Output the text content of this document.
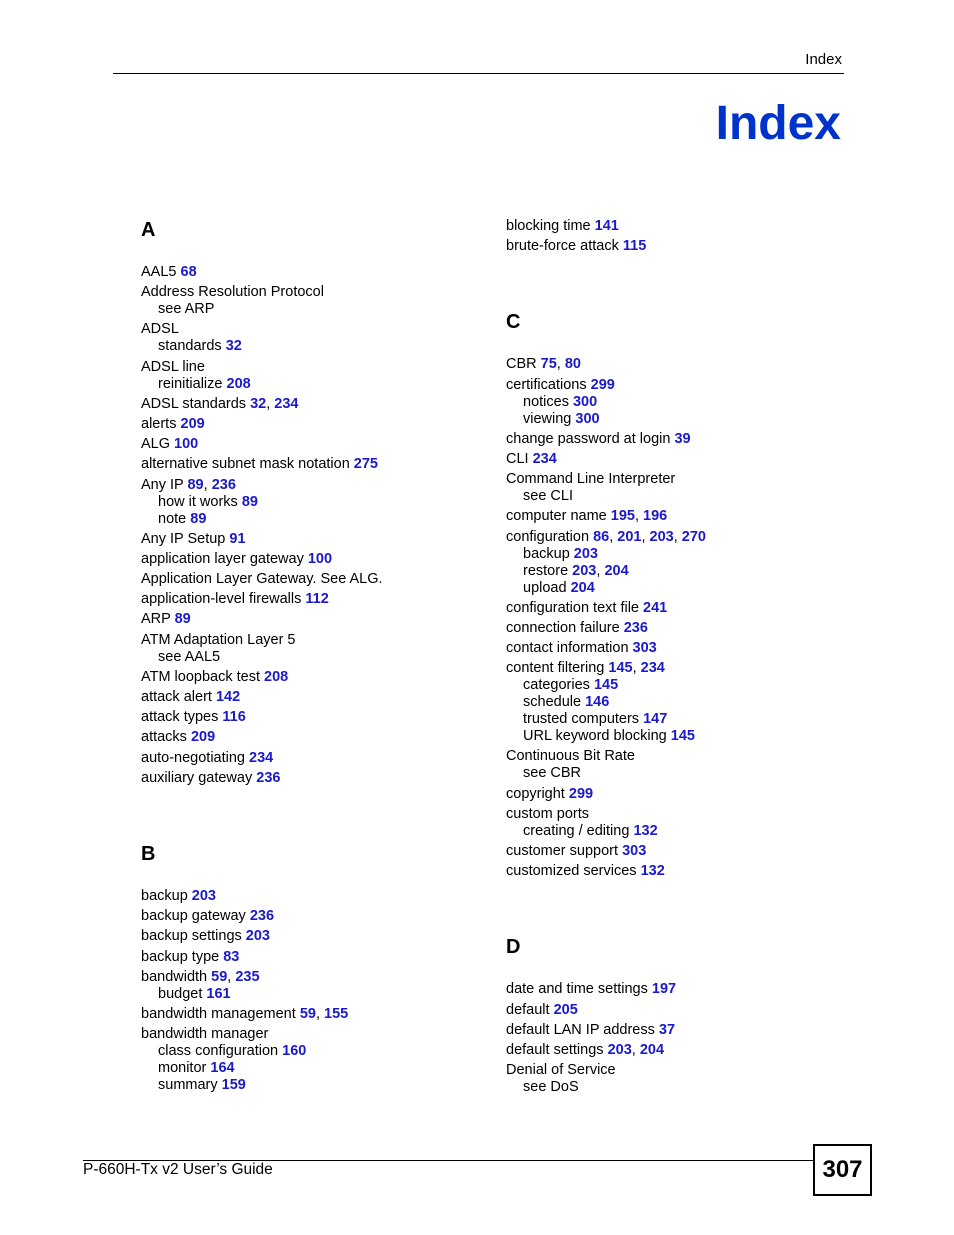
Index
Index
A
AAL5 68
Address Resolution Protocol
see ARP
ADSL
standards 32
ADSL line
reinitialize 208
ADSL standards 32, 234
alerts 209
ALG 100
alternative subnet mask notation 275
Any IP 89, 236
how it works 89
note 89
Any IP Setup 91
application layer gateway 100
Application Layer Gateway. See ALG.
application-level firewalls 112
ARP 89
ATM Adaptation Layer 5
see AAL5
ATM loopback test 208
attack alert 142
attack types 116
attacks 209
auto-negotiating 234
auxiliary gateway 236
B
backup 203
backup gateway 236
backup settings 203
backup type 83
bandwidth 59, 235
budget 161
bandwidth management 59, 155
bandwidth manager
class configuration 160
monitor 164
summary 159
blocking time 141
brute-force attack 115
C
CBR 75, 80
certifications 299
notices 300
viewing 300
change password at login 39
CLI 234
Command Line Interpreter
see CLI
computer name 195, 196
configuration 86, 201, 203, 270
backup 203
restore 203, 204
upload 204
configuration text file 241
connection failure 236
contact information 303
content filtering 145, 234
categories 145
schedule 146
trusted computers 147
URL keyword blocking 145
Continuous Bit Rate
see CBR
copyright 299
custom ports
creating / editing 132
customer support 303
customized services 132
D
date and time settings 197
default 205
default LAN IP address 37
default settings 203, 204
Denial of Service
see DoS
P-660H-Tx v2 User’s Guide	307
